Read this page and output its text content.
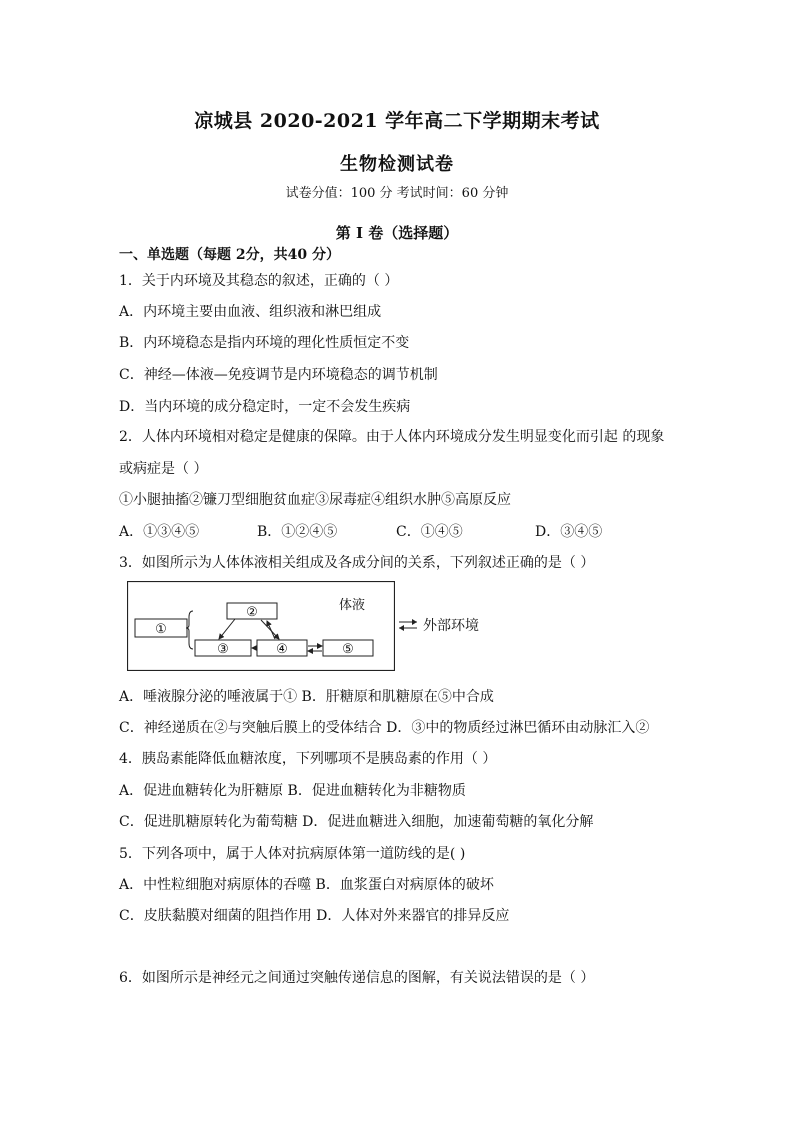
凉城县 2020-2021 学年高二下学期期末考试
生物检测试卷
试卷分值：100 分 考试时间：60 分钟
第 I 卷（选择题）
一、单选题（每题 2分，共40 分）
1．关于内环境及其稳态的叙述，正确的（ ）
A．内环境主要由血液、组织液和淋巴组成
B．内环境稳态是指内环境的理化性质恒定不变
C．神经—体液—免疫调节是内环境稳态的调节机制
D．当内环境的成分稳定时，一定不会发生疾病
2．人体内环境相对稳定是健康的保障。由于人体内环境成分发生明显变化而引起 的现象
或病症是（ ）
①小腿抽搐②镰刀型细胞贫血症③尿毒症④组织水肿⑤高原反应
A．①③④⑤	B．①②④⑤	C．①④⑤	D．③④⑤
3．如图所示为人体体液相关组成及各成分间的关系，下列叙述正确的是（ ）
①
②
③	④	⑤
体液
外部环境
A．唾液腺分泌的唾液属于① B．肝糖原和肌糖原在⑤中合成
C．神经递质在②与突触后膜上的受体结合 D．③中的物质经过淋巴循环由动脉汇入②
4．胰岛素能降低血糖浓度，下列哪项不是胰岛素的作用（ ）
A．促进血糖转化为肝糖原 B．促进血糖转化为非糖物质
C．促进肌糖原转化为葡萄糖 D．促进血糖进入细胞，加速葡萄糖的氧化分解
5．下列各项中，属于人体对抗病原体第一道防线的是( )
A．中性粒细胞对病原体的吞噬 B．血浆蛋白对病原体的破坏
C．皮肤黏膜对细菌的阻挡作用 D．人体对外来器官的排异反应
6．如图所示是神经元之间通过突触传递信息的图解，有关说法错误的是（ ）
